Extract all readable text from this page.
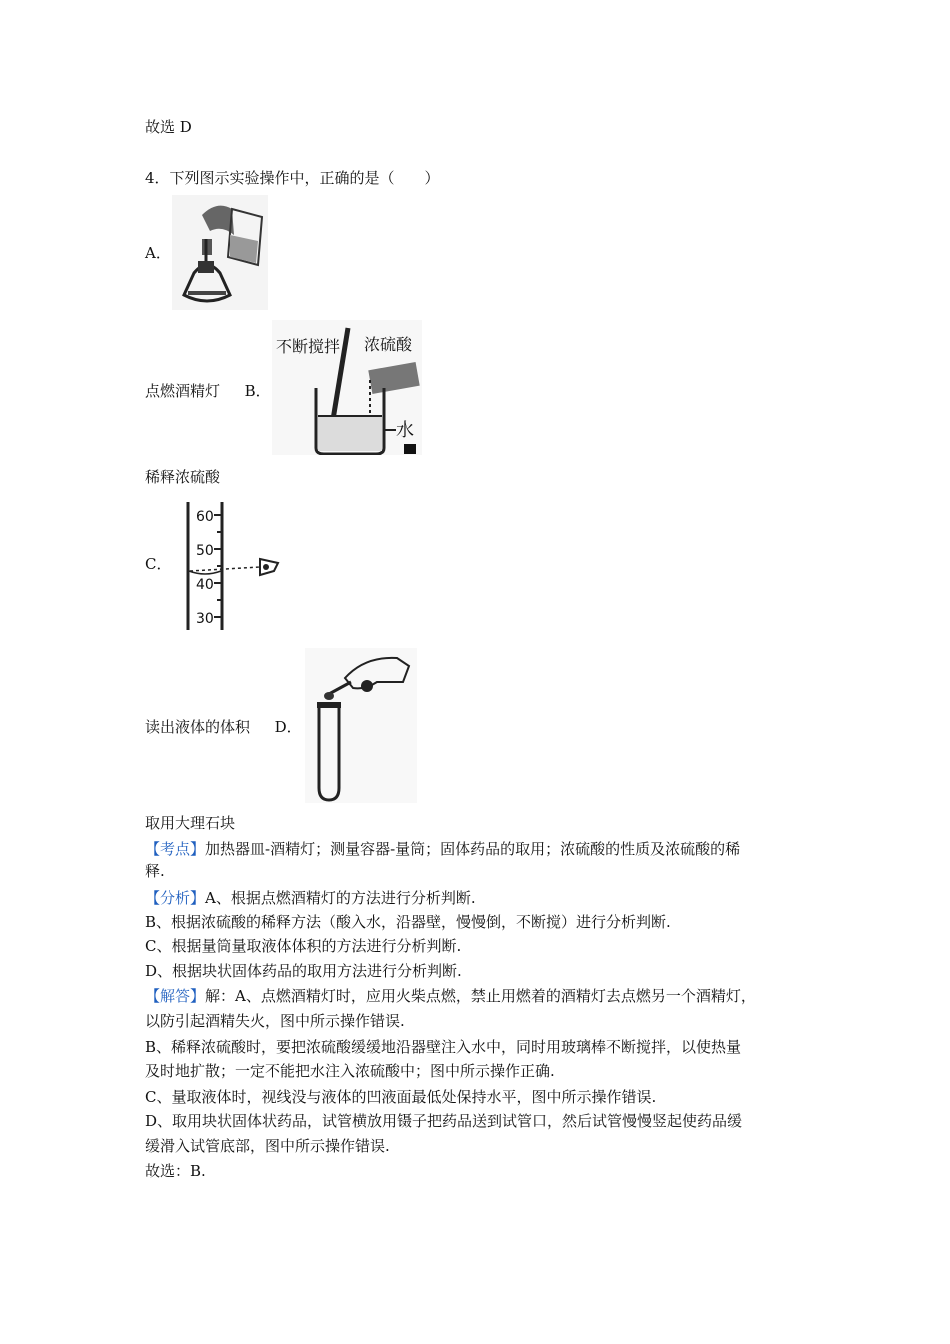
故选 D
4．下列图示实验操作中，正确的是（　　）
A．
点燃酒精灯 B．
不断搅拌 浓硫酸
水
稀释浓硫酸
C．
60
50
40
30
读出液体的体积 D．
取用大理石块
【考点】加热器皿-酒精灯；测量容器-量筒；固体药品的取用；浓硫酸的性质及浓硫酸的稀
释.
【分析】A、根据点燃酒精灯的方法进行分析判断.
B、根据浓硫酸的稀释方法（酸入水，沿器壁，慢慢倒，不断搅）进行分析判断.
C、根据量筒量取液体体积的方法进行分析判断.
D、根据块状固体药品的取用方法进行分析判断.
【解答】解：A、点燃酒精灯时，应用火柴点燃，禁止用燃着的酒精灯去点燃另一个酒精灯，
以防引起酒精失火，图中所示操作错误.
B、稀释浓硫酸时，要把浓硫酸缓缓地沿器壁注入水中，同时用玻璃棒不断搅拌，以使热量
及时地扩散；一定不能把水注入浓硫酸中；图中所示操作正确.
C、量取液体时，视线没与液体的凹液面最低处保持水平，图中所示操作错误.
D、取用块状固体状药品，试管横放用镊子把药品送到试管口，然后试管慢慢竖起使药品缓
缓滑入试管底部，图中所示操作错误.
故选：B.
